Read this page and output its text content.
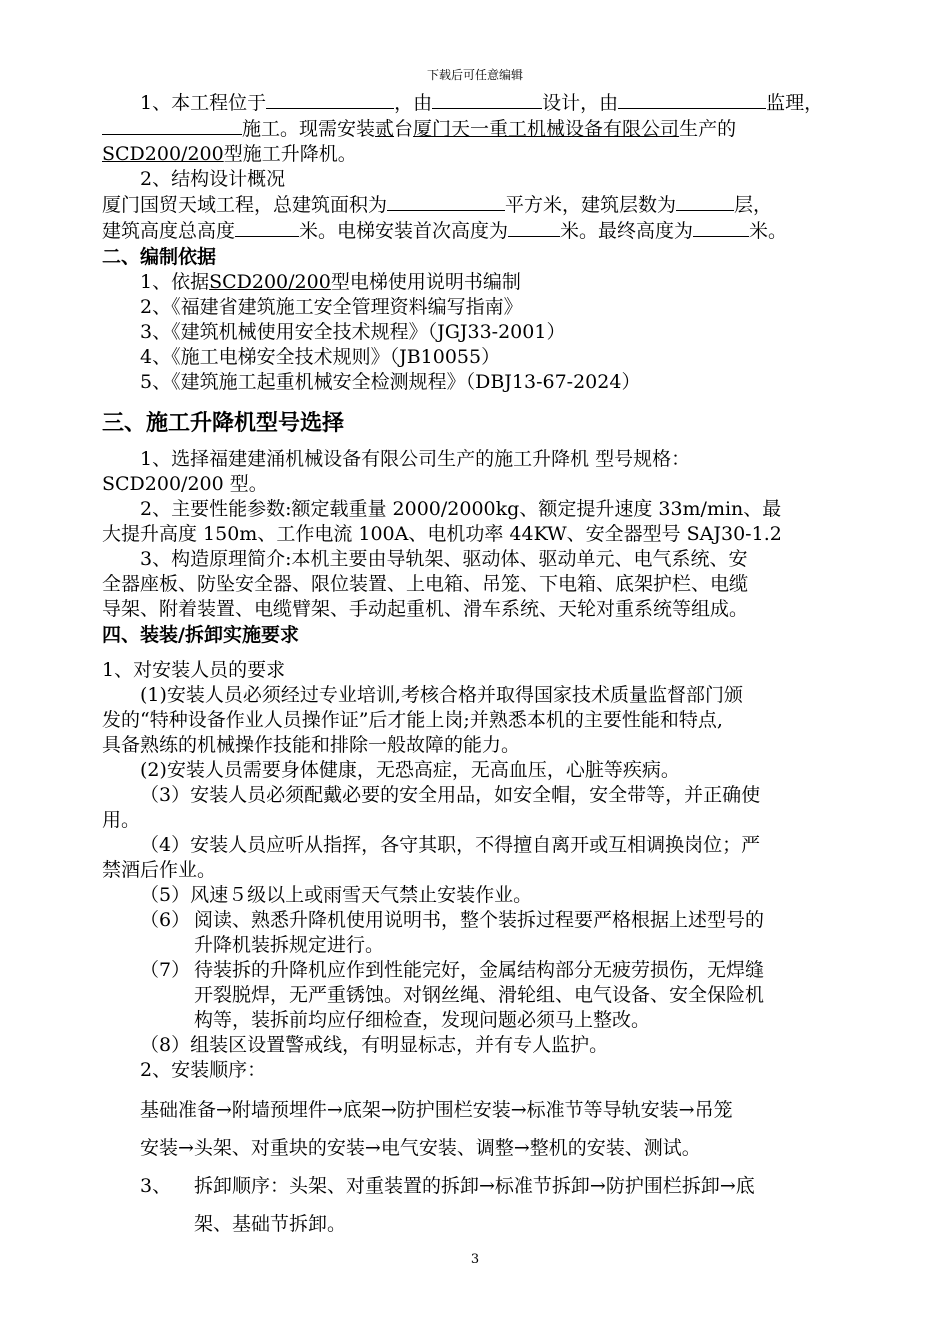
下载后可任意编辑

1、本工程位于	，由	设计，由	监理，

施工。现需安装贰台厦门天一重工机械设备有限公司生产的

SCD200/200型施工升降机。

2、结构设计概况

厦门国贸天域工程，总建筑面积为	平方米，建筑层数为	层，

建筑高度总高度	米。电梯安装首次高度为	米。最终高度为	米。

二、编制依据

1、依据SCD200/200型电梯使用说明书编制

2、《福建省建筑施工安全管理资料编写指南》

3、《建筑机械使用安全技术规程》（JGJ33-2001）

4、《施工电梯安全技术规则》（JB10055）

5、《建筑施工起重机械安全检测规程》（DBJ13-67-2024）

三、施工升降机型号选择

1、选择福建建涌机械设备有限公司生产的施工升降机 型号规格：

SCD200/200 型。

2、主要性能参数:额定载重量 2000/2000kg、额定提升速度 33m/min、最

大提升高度 150m、工作电流 100A、电机功率 44KW、安全器型号 SAJ30-1.2

3、构造原理简介:本机主要由导轨架、驱动体、驱动单元、电气系统、安

全器座板、防坠安全器、限位装置、上电箱、吊笼、下电箱、底架护栏、电缆

导架、附着装置、电缆臂架、手动起重机、滑车系统、天轮对重系统等组成。

四、装装/拆卸实施要求

1、对安装人员的要求

(1)安装人员必须经过专业培训,考核合格并取得国家技术质量监督部门颁

发的“特种设备作业人员操作证”后才能上岗;并熟悉本机的主要性能和特点,

具备熟练的机械操作技能和排除一般故障的能力。

(2)安装人员需要身体健康，无恐高症，无高血压，心脏等疾病。

（3）安装人员必须配戴必要的安全用品，如安全帽，安全带等，并正确使

用。

（4）安装人员应听从指挥，各守其职，不得擅自离开或互相调换岗位；严

禁酒后作业。

（5）风速５级以上或雨雪天气禁止安装作业。

（6） 阅读、熟悉升降机使用说明书，整个装拆过程要严格根据上述型号的
升降机装拆规定进行。
（7） 待装拆的升降机应作到性能完好，金属结构部分无疲劳损伤，无焊缝
开裂脱焊，无严重锈蚀。对钢丝绳、滑轮组、电气设备、安全保险机
构等，装拆前均应仔细检查，发现问题必须马上整改。

（8）组装区设置警戒线，有明显标志，并有专人监护。

2、安装顺序：

基础准备→附墙预埋件→底架→防护围栏安装→标准节等导轨安装→吊笼

安装→头架、对重块的安装→电气安装、调整→整机的安装、测试。

3、	拆卸顺序：头架、对重装置的拆卸→标准节拆卸→防护围栏拆卸→底
架、基础节拆卸。
3
